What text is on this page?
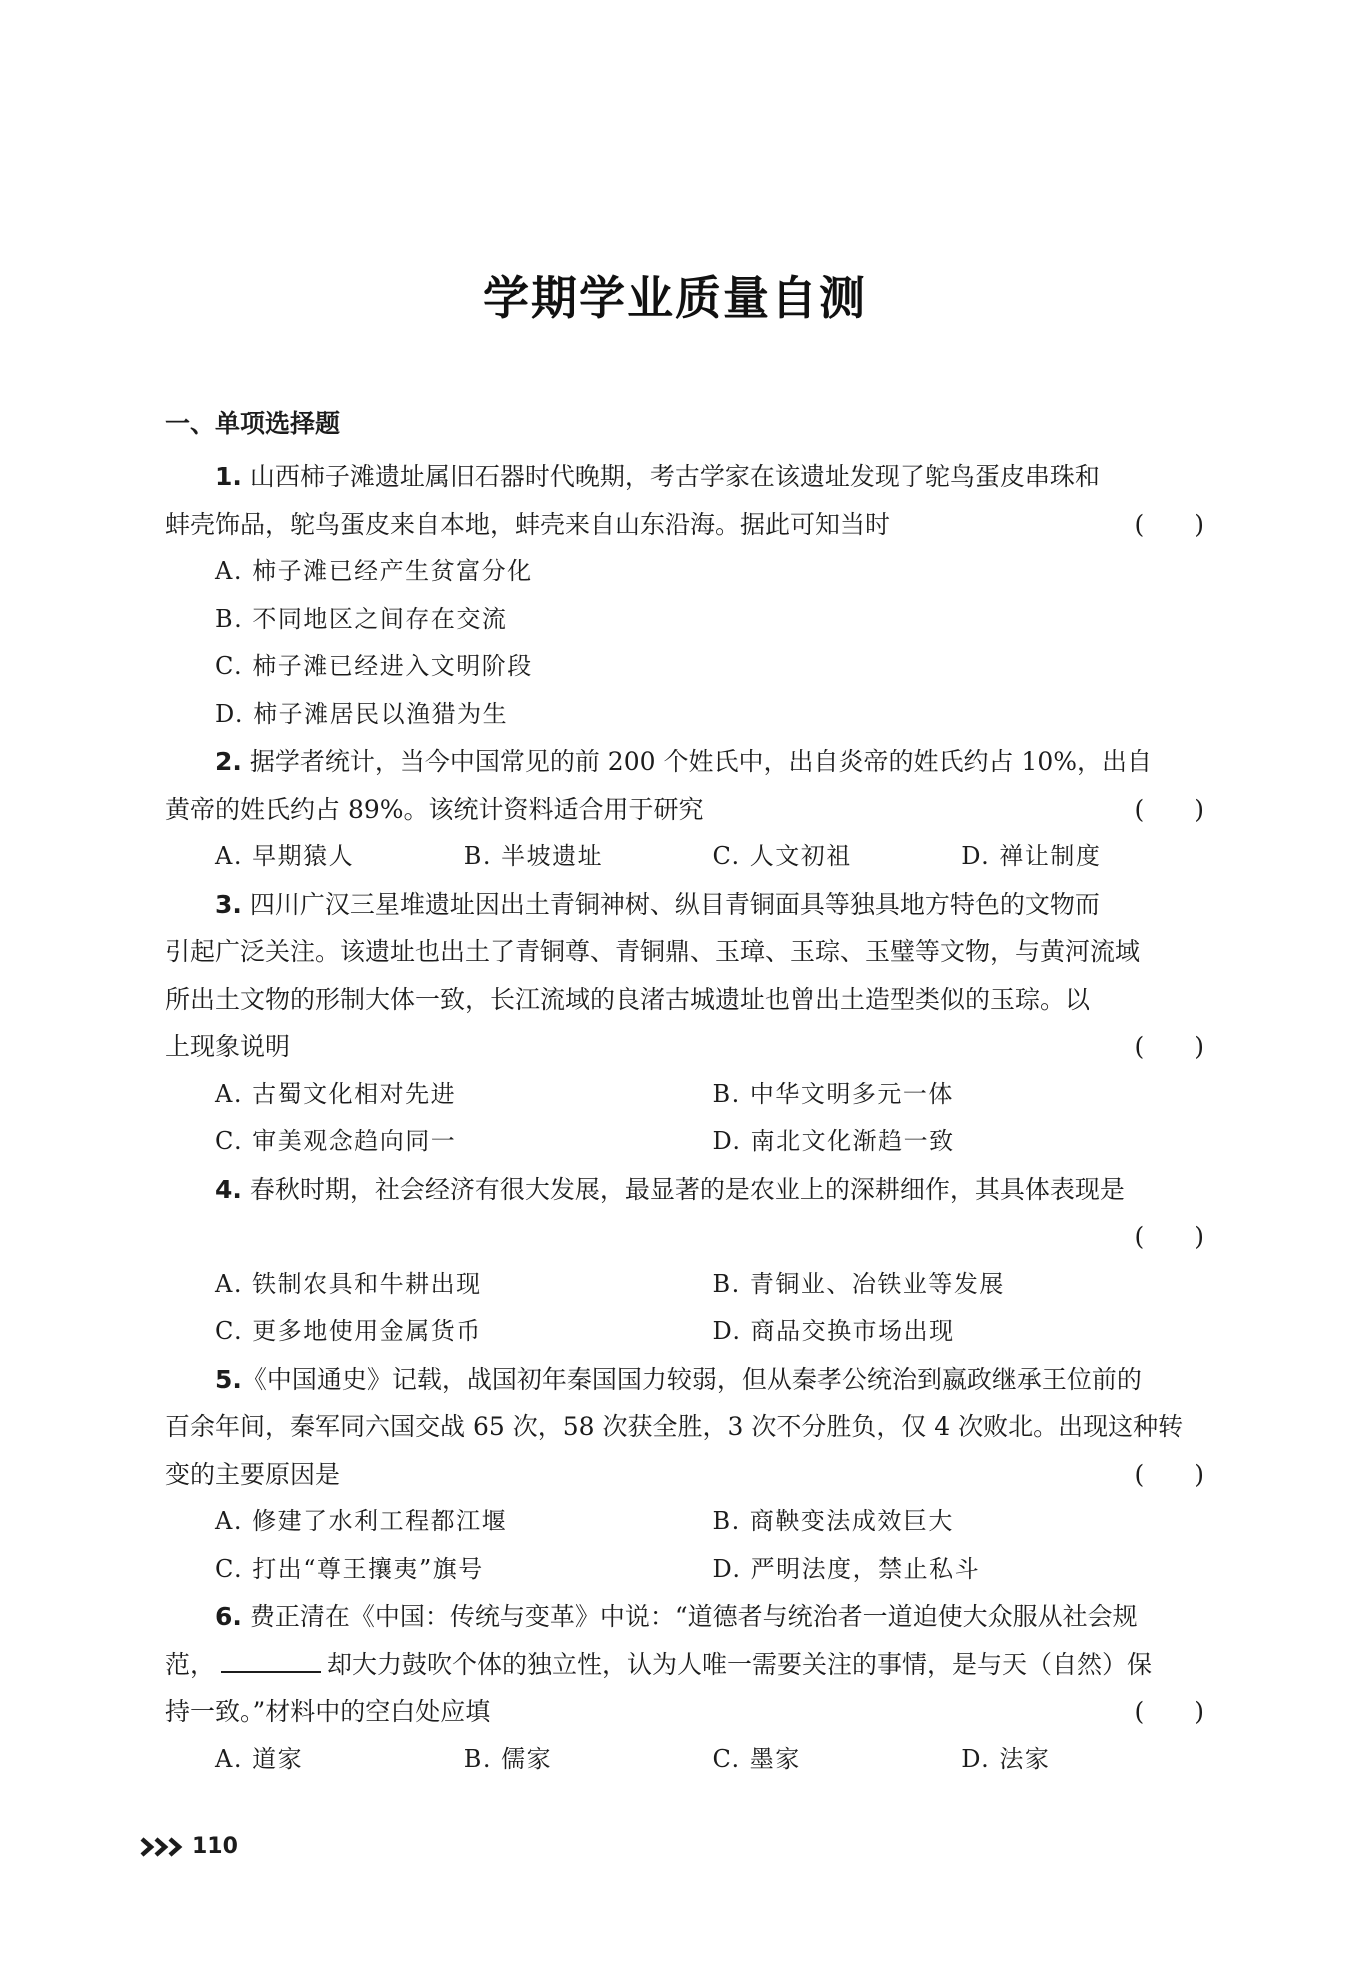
学期学业质量自测
一、单项选择题

1. 山西柿子滩遗址属旧石器时代晚期，考古学家在该遗址发现了鸵鸟蛋皮串珠和

蚌壳饰品，鸵鸟蛋皮来自本地，蚌壳来自山东沿海。据此可知当时	(　　)
A. 柿子滩已经产生贫富分化
B. 不同地区之间存在交流
C. 柿子滩已经进入文明阶段
D. 柿子滩居民以渔猎为生

2. 据学者统计，当今中国常见的前 200 个姓氏中，出自炎帝的姓氏约占 10%，出自

黄帝的姓氏约占 89%。该统计资料适合用于研究	(　　)
A. 早期猿人	B. 半坡遗址	C. 人文初祖	D. 禅让制度

3. 四川广汉三星堆遗址因出土青铜神树、纵目青铜面具等独具地方特色的文物而

引起广泛关注。该遗址也出土了青铜尊、青铜鼎、玉璋、玉琮、玉璧等文物，与黄河流域
所出土文物的形制大体一致，长江流域的良渚古城遗址也曾出土造型类似的玉琮。以
上现象说明	(　　)
A. 古蜀文化相对先进	B. 中华文明多元一体
C. 审美观念趋向同一	D. 南北文化渐趋一致

4. 春秋时期，社会经济有很大发展，最显著的是农业上的深耕细作，其具体表现是

(　　)
A. 铁制农具和牛耕出现	B. 青铜业、冶铁业等发展
C. 更多地使用金属货币	D. 商品交换市场出现

5.《中国通史》记载，战国初年秦国国力较弱，但从秦孝公统治到嬴政继承王位前的

百余年间，秦军同六国交战 65 次，58 次获全胜，3 次不分胜负，仅 4 次败北。出现这种转
变的主要原因是	(　　)
A. 修建了水利工程都江堰	B. 商鞅变法成效巨大
C. 打出“尊王攘夷”旗号	D. 严明法度，禁止私斗

6. 费正清在《中国：传统与变革》中说：“道德者与统治者一道迫使大众服从社会规

范，	却大力鼓吹个体的独立性，认为人唯一需要关注的事情，是与天（自然）保
持一致。”材料中的空白处应填	(　　)
A. 道家	B. 儒家	C. 墨家	D. 法家
110
